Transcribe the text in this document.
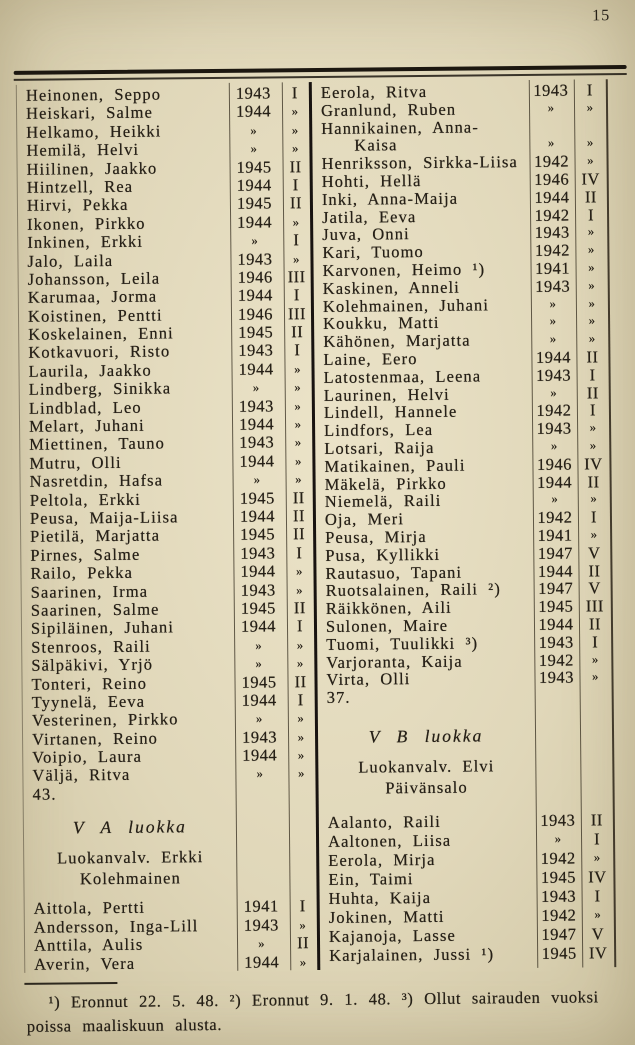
15
Heinonen, Seppo	1943	I
Heiskari, Salme	1944	»
Helkamo, Heikki	»	»
Hemilä, Helvi	»	»
Hiilinen, Jaakko	1945	II
Hintzell, Rea	1944	I
Hirvi, Pekka	1945	II
Ikonen, Pirkko	1944	»
Inkinen, Erkki	»	I
Jalo, Laila	1943	»
Johansson, Leila	1946 III
Karumaa, Jorma	1944	I
Koistinen, Pentti	1946 III
Koskelainen, Enni	1945	II
Kotkavuori, Risto	1943	I
Laurila, Jaakko	1944	»
Lindberg, Sinikka	»	»
Lindblad, Leo	1943	»
Melart, Juhani	1944	»
Miettinen, Tauno	1943	»
Mutru, Olli	1944	»
Nasretdin, Hafsa	»	»
Peltola, Erkki	1945	II
Peusa, Maija-Liisa	1944	II
Pietilä, Marjatta	1945	II
Pirnes, Salme	1943	I
Railo, Pekka	1944	»
Saarinen, Irma	1943	»
Saarinen, Salme	1945	II
Sipiläinen, Juhani	1944	I
Stenroos, Raili	»	»
Sälpäkivi, Yrjö	»	»
Tonteri, Reino	1945	II
Tyynelä, Eeva	1944	I
Vesterinen, Pirkko	»	»
Virtanen, Reino	1943	»
Voipio, Laura	1944	»
Väljä, Ritva	»	»
43.
V A luokka
Luokanvalv. Erkki
Kolehmainen
Aittola, Pertti	1941	I
Andersson, Inga-Lill	1943	»
Anttila, Aulis	»	II
Averin, Vera	1944	»
Eerola, Ritva	1943	I
Granlund, Ruben	»	»
Hannikainen, Anna-
Kaisa	»	»
Henriksson, Sirkka-Liisa 1942	»
Hohti, Hellä	1946 IV
Inki, Anna-Maija	1944 II
Jatila, Eeva	1942	I
Juva, Onni	1943	»
Kari, Tuomo	1942	»
Karvonen, Heimo ¹)	1941	»
Kaskinen, Anneli	1943	»
Kolehmainen, Juhani	»	»
Koukku, Matti	»	»
Kähönen, Marjatta	»	»
Laine, Eero	1944 II
Latostenmaa, Leena	1943	I
Laurinen, Helvi	»	II
Lindell, Hannele	1942	I
Lindfors, Lea	1943	»
Lotsari, Raija	»	»
Matikainen, Pauli	1946 IV
Mäkelä, Pirkko	1944 II
Niemelä, Raili	»	»
Oja, Meri	1942	I
Peusa, Mirja	1941	»
Pusa, Kyllikki	1947 V
Rautasuo, Tapani	1944 II
Ruotsalainen, Raili ²)	1947 V
Räikkönen, Aili	1945 III
Sulonen, Maire	1944 II
Tuomi, Tuulikki ³)	1943	I
Varjoranta, Kaija	1942	»
Virta, Olli	1943	»
37.
V B luokka
Luokanvalv. Elvi
Päivänsalo
Aalanto, Raili	1943 II
Aaltonen, Liisa	»	I
Eerola, Mirja	1942	»
Ein, Taimi	1945 IV
Huhta, Kaija	1943	I
Jokinen, Matti	1942	»
Kajanoja, Lasse	1947 V
Karjalainen, Jussi ¹)	1945 IV
¹) Eronnut 22. 5. 48. ²) Eronnut 9. 1. 48. ³) Ollut sairauden vuoksi
poissa maaliskuun alusta.
